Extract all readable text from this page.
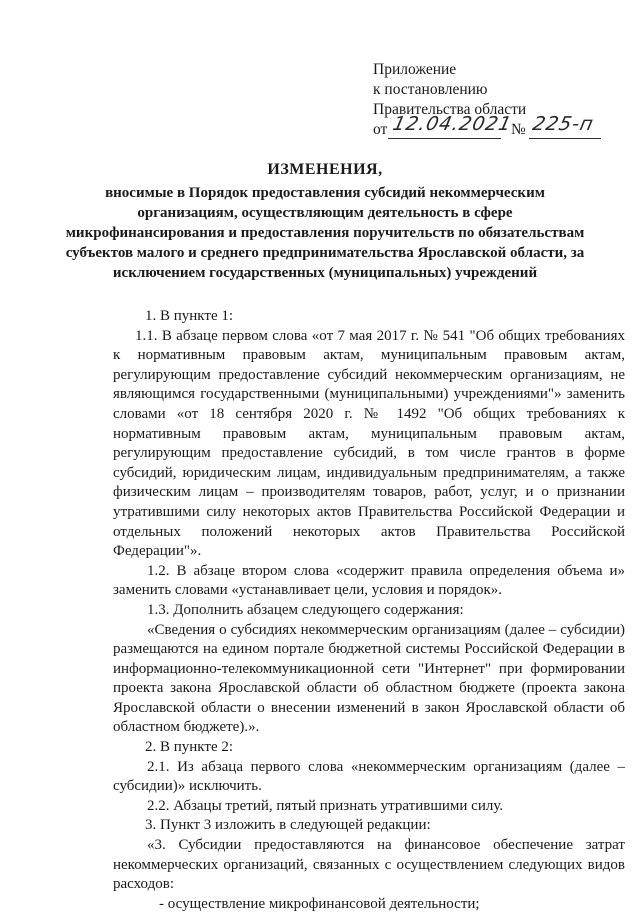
Приложение
к постановлению
Правительства области
от 12.04.2021
№ 225-п
ИЗМЕНЕНИЯ,
вносимые в Порядок предоставления субсидий некоммерческим организациям, осуществляющим деятельность в сфере микрофинансирования и предоставления поручительств по обязательствам субъектов малого и среднего предпринимательства Ярославской области, за исключением государственных (муниципальных) учреждений

1. В пункте 1:

1.1. В абзаце первом слова «от 7 мая 2017 г. № 541 "Об общих требованиях к нормативным правовым актам, муниципальным правовым актам, регулирующим предоставление субсидий некоммерческим организациям, не являющимся государственными (муниципальными) учреждениями"» заменить словами «от 18 сентября 2020 г. № 1492 "Об общих требованиях к нормативным правовым актам, муниципальным правовым актам, регулирующим предоставление субсидий, в том числе грантов в форме субсидий, юридическим лицам, индивидуальным предпринимателям, а также физическим лицам – производителям товаров, работ, услуг, и о признании утратившими силу некоторых актов Правительства Российской Федерации и отдельных положений некоторых актов Правительства Российской Федерации"».

1.2. В абзаце втором слова «содержит правила определения объема и» заменить словами «устанавливает цели, условия и порядок».

1.3. Дополнить абзацем следующего содержания:

«Сведения о субсидиях некоммерческим организациям (далее – субсидии) размещаются на едином портале бюджетной системы Российской Федерации в информационно-телекоммуникационной сети "Интернет" при формировании проекта закона Ярославской области об областном бюджете (проекта закона Ярославской области о внесении изменений в закон Ярославской области об областном бюджете).».

2. В пункте 2:

2.1. Из абзаца первого слова «некоммерческим организациям (далее – субсидии)» исключить.

2.2. Абзацы третий, пятый признать утратившими силу.

3. Пункт 3 изложить в следующей редакции:

«3. Субсидии предоставляются на финансовое обеспечение затрат некоммерческих организаций, связанных с осуществлением следующих видов расходов:

- осуществление микрофинансовой деятельности;
